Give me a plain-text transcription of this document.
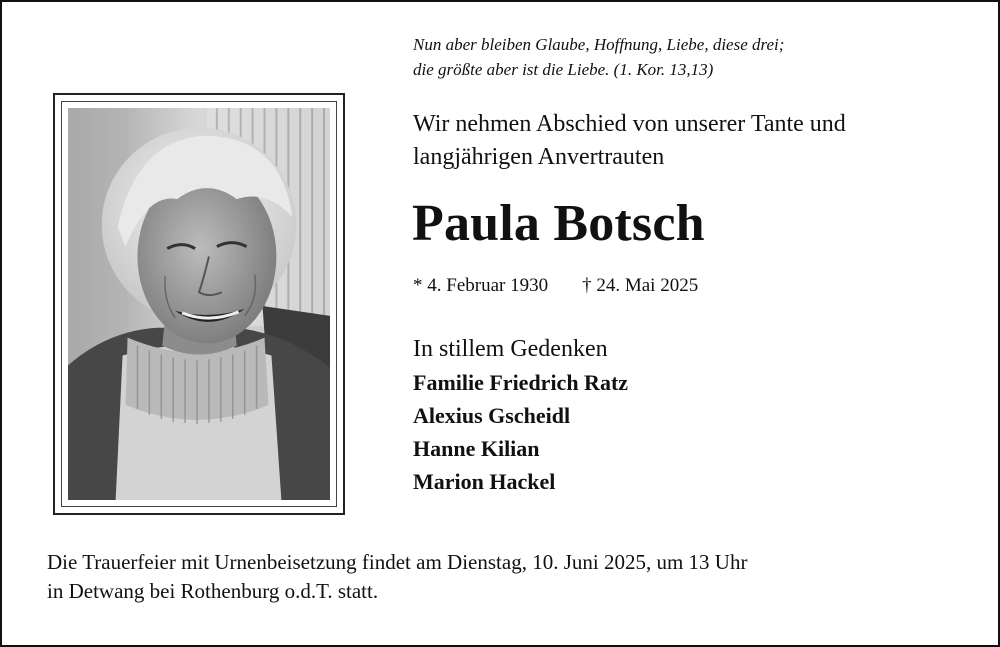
Nun aber bleiben Glaube, Hoffnung, Liebe, diese drei;
die größte aber ist die Liebe. (1. Kor. 13,13)
Wir nehmen Abschied von unserer Tante und
langjährigen Anvertrauten
Paula Botsch
* 4. Februar 1930 † 24. Mai 2025
In stillem Gedenken
Familie Friedrich Ratz
Alexius Gscheidl
Hanne Kilian
Marion Hackel
Die Trauerfeier mit Urnenbeisetzung findet am Dienstag, 10. Juni 2025, um 13 Uhr
in Detwang bei Rothenburg o.d.T. statt.
